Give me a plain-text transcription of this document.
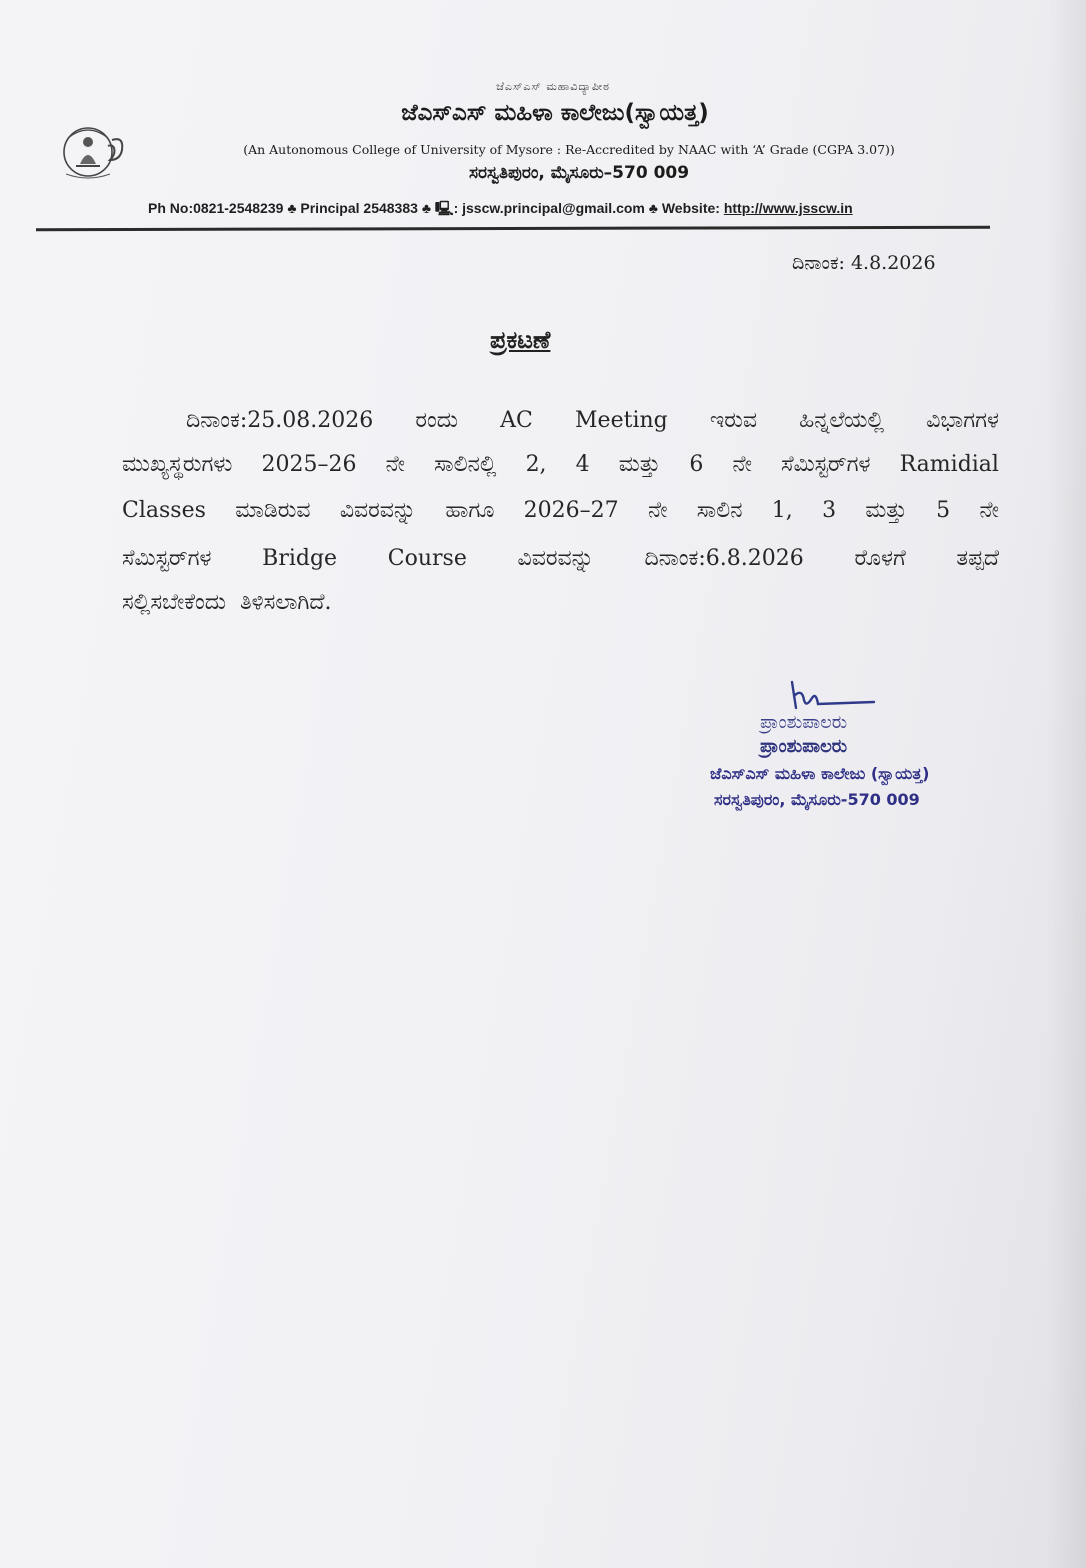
ಜೆಎಸ್‌ಎಸ್ ಮಹಾವಿದ್ಯಾಪೀಠ
ಜೆಎಸ್‌ಎಸ್ ಮಹಿಳಾ ಕಾಲೇಜು(ಸ್ವಾಯತ್ತ)
(An Autonomous College of University of Mysore : Re-Accredited by NAAC with ‘A’ Grade (CGPA 3.07))
ಸರಸ್ವತಿಪುರಂ, ಮೈಸೂರು–570 009
Ph No:0821-2548239 ♣ Principal 2548383 ♣ 🖳: jsscw.principal@gmail.com ♣ Website: http://www.jsscw.in
ದಿನಾಂಕ: 4.8.2026
ಪ್ರಕಟಣೆ
ದಿನಾಂಕ:25.08.2026 ರಂದು AC Meeting ಇರುವ ಹಿನ್ನಲೆಯಲ್ಲಿ ವಿಭಾಗಗಳ
ಮುಖ್ಯಸ್ಥರುಗಳು 2025–26 ನೇ ಸಾಲಿನಲ್ಲಿ 2, 4 ಮತ್ತು 6 ನೇ ಸೆಮಿಸ್ಟರ್‌ಗಳ Ramidial
Classes ಮಾಡಿರುವ ವಿವರವನ್ನು ಹಾಗೂ 2026–27 ನೇ ಸಾಲಿನ 1, 3 ಮತ್ತು 5 ನೇ
ಸೆಮಿಸ್ಟರ್‌ಗಳ Bridge Course ವಿವರವನ್ನು ದಿನಾಂಕ:6.8.2026 ರೊಳಗೆ ತಪ್ಪದೆ
ಸಲ್ಲಿಸಬೇಕೆಂದು ತಿಳಿಸಲಾಗಿದೆ.
ಪ್ರಾಂಶುಪಾಲರು
ಪ್ರಾಂಶುಪಾಲರು
ಜೆಎಸ್‌ಎಸ್ ಮಹಿಳಾ ಕಾಲೇಜು (ಸ್ವಾಯತ್ತ)
ಸರಸ್ವತಿಪುರಂ, ಮೈಸೂರು-570 009
